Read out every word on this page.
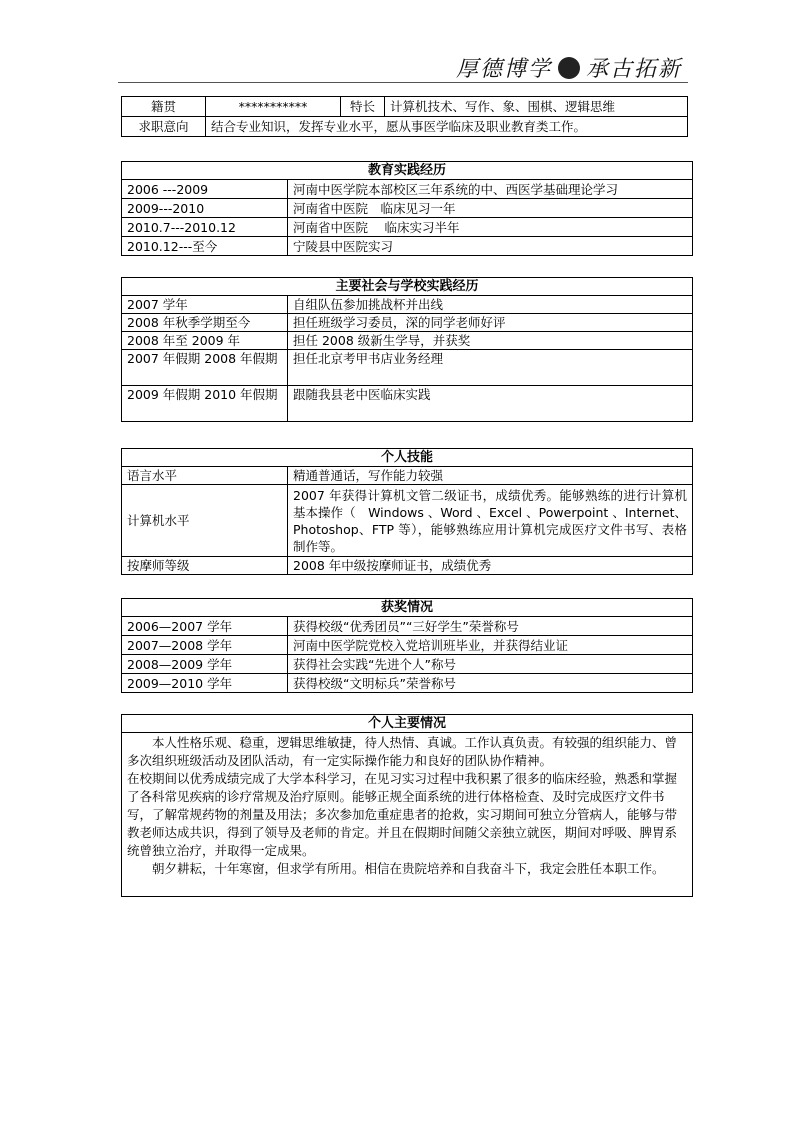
厚德博学 承古拓新
籍贯	***********	特长	计算机技术、写作、象、围棋、逻辑思维
求职意向	结合专业知识，发挥专业水平，愿从事医学临床及职业教育类工作。		
教育实践经历	
2006 ---2009	河南中医学院本部校区三年系统的中、西医学基础理论学习
2009---2010	河南省中医院　临床见习一年
2010.7---2010.12	河南省中医院　 临床实习半年
2010.12---至今	宁陵县中医院实习
主要社会与学校实践经历	
2007 学年	自组队伍参加挑战杯并出线
2008 年秋季学期至今	担任班级学习委员，深的同学老师好评
2008 年至 2009 年	担任 2008 级新生学导，并获奖
2007 年假期 2008 年假期	担任北京考甲书店业务经理
2009 年假期 2010 年假期	跟随我县老中医临床实践
个人技能	
语言水平	精通普通话，写作能力较强
计算机水平	2007 年获得计算机文管二级证书，成绩优秀。能够熟练的进行计算机基本操作（　Windows 、Word 、Excel 、Powerpoint 、Internet、Photoshop、FTP 等），能够熟练应用计算机完成医疗文件书写、表格制作等。
按摩师等级	2008 年中级按摩师证书，成绩优秀
获奖情况	
2006—2007 学年	获得校级“优秀团员”“三好学生”荣誉称号
2007—2008 学年	河南中医学院党校入党培训班毕业，并获得结业证
2008—2009 学年	获得社会实践“先进个人”称号
2009—2010 学年	获得校级“文明标兵”荣誉称号
个人主要情况

本人性格乐观、稳重，逻辑思维敏捷，待人热情、真诚。工作认真负责。有较强的组织能力、曾多次组织班级活动及团队活动，有一定实际操作能力和良好的团队协作精神。

在校期间以优秀成绩完成了大学本科学习，在见习实习过程中我积累了很多的临床经验，熟悉和掌握了各科常见疾病的诊疗常规及治疗原则。能够正规全面系统的进行体格检查、及时完成医疗文件书写，了解常规药物的剂量及用法；多次参加危重症患者的抢救，实习期间可独立分管病人，能够与带教老师达成共识，得到了领导及老师的肯定。并且在假期时间随父亲独立就医，期间对呼吸、脾胃系统曾独立治疗，并取得一定成果。

朝夕耕耘，十年寒窗，但求学有所用。相信在贵院培养和自我奋斗下，我定会胜任本职工作。
